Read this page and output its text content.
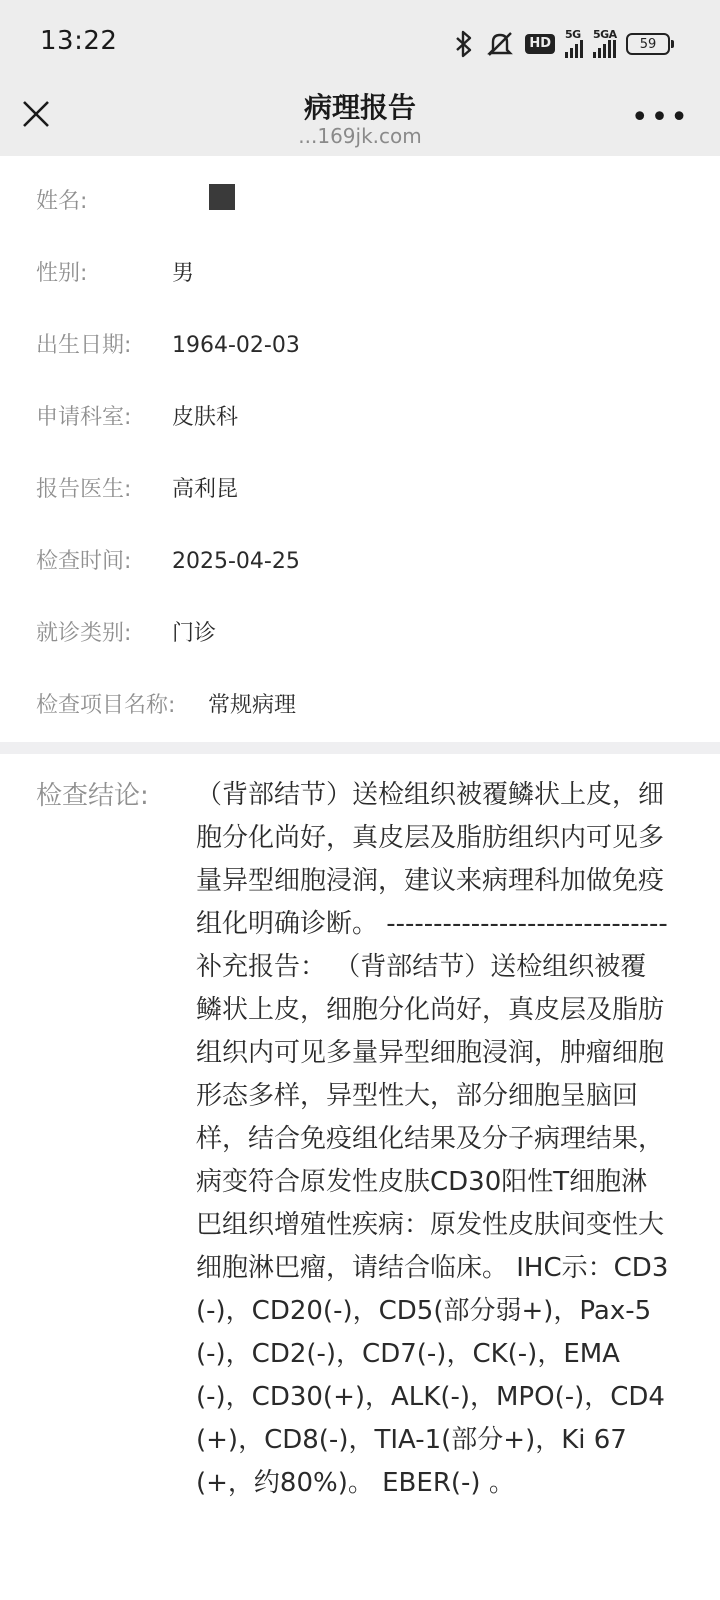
13:22	HD
5G 5GA
59
病理报告
...169jk.com
•••
姓名:
性别:	男
出生日期: 1964-02-03
申请科室: 皮肤科
报告医生: 高利昆
检查时间: 2025-04-25
就诊类别: 门诊
检查项目名称: 常规病理
检查结论: （背部结节）送检组织被覆鳞状上皮，细胞分化尚好，真皮层及脂肪组织内可见多量异型细胞浸润，建议来病理科加做免疫组化明确诊断。 ------------------------------ 补充报告： （背部结节）送检组织被覆鳞状上皮，细胞分化尚好，真皮层及脂肪组织内可见多量异型细胞浸润，肿瘤细胞形态多样，异型性大，部分细胞呈脑回样，结合免疫组化结果及分子病理结果，病变符合原发性皮肤CD30阳性T细胞淋巴组织增殖性疾病：原发性皮肤间变性大细胞淋巴瘤，请结合临床。 IHC示：CD3(-)，CD20(-)，CD5(部分弱+)，Pax-5(-)，CD2(-)，CD7(-)，CK(-)，EMA(-)，CD30(+)，ALK(-)，MPO(-)，CD4(+)，CD8(-)，TIA-1(部分+)，Ki 67(+，约80%)。 EBER(-) 。
